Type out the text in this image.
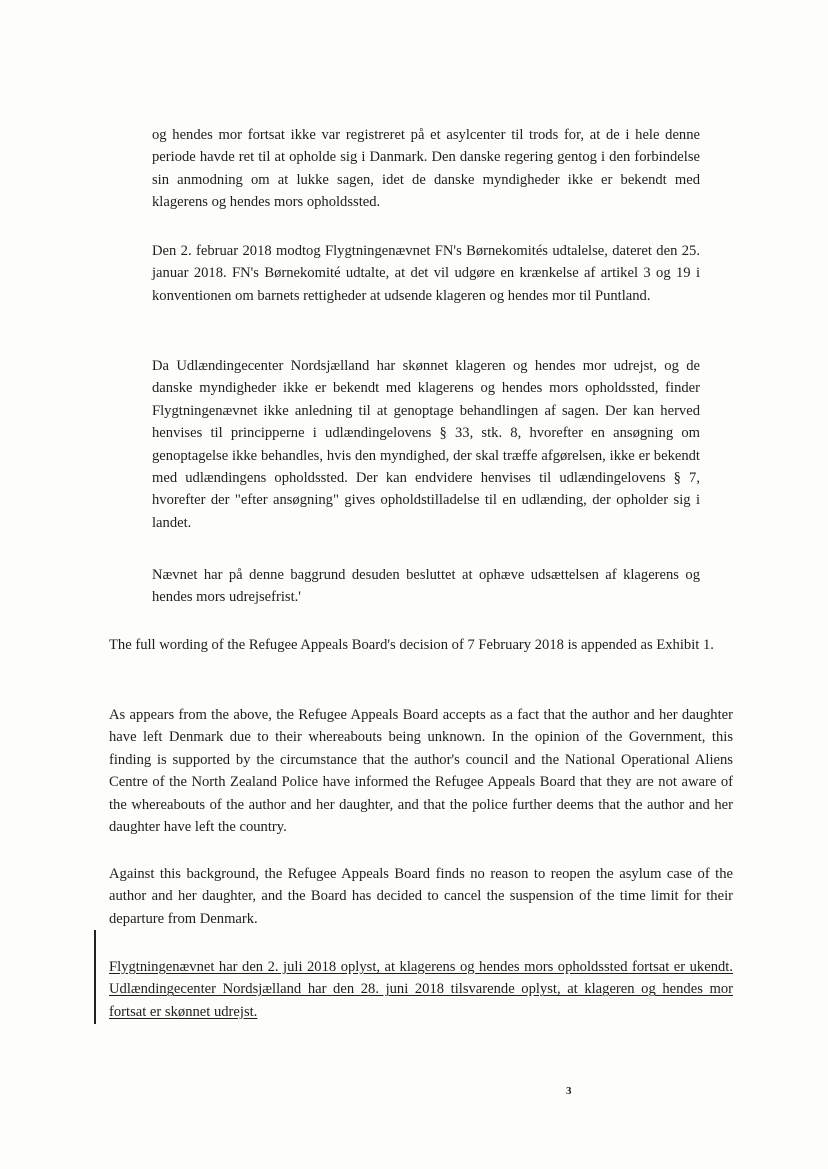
og hendes mor fortsat ikke var registreret på et asylcenter til trods for, at de i hele denne periode havde ret til at opholde sig i Danmark. Den danske regering gentog i den forbindelse sin anmodning om at lukke sagen, idet de danske myndigheder ikke er bekendt med klagerens og hendes mors opholdssted.

Den 2. februar 2018 modtog Flygtningenævnet FN's Børnekomités udtalelse, dateret den 25. januar 2018. FN's Børnekomité udtalte, at det vil udgøre en krænkelse af artikel 3 og 19 i konventionen om barnets rettigheder at udsende klageren og hendes mor til Puntland.

Da Udlændingecenter Nordsjælland har skønnet klageren og hendes mor udrejst, og de danske myndigheder ikke er bekendt med klagerens og hendes mors opholdssted, finder Flygtningenævnet ikke anledning til at genoptage behandlingen af sagen. Der kan herved henvises til principperne i udlændingelovens § 33, stk. 8, hvorefter en ansøgning om genoptagelse ikke behandles, hvis den myndighed, der skal træffe afgørelsen, ikke er bekendt med udlændingens opholdssted. Der kan endvidere henvises til udlændingelovens § 7, hvorefter der "efter ansøgning" gives opholdstilladelse til en udlænding, der opholder sig i landet.

Nævnet har på denne baggrund desuden besluttet at ophæve udsættelsen af klagerens og hendes mors udrejsefrist.'

The full wording of the Refugee Appeals Board's decision of 7 February 2018 is appended as Exhibit 1.

As appears from the above, the Refugee Appeals Board accepts as a fact that the author and her daughter have left Denmark due to their whereabouts being unknown. In the opinion of the Government, this finding is supported by the circumstance that the author's council and the National Operational Aliens Centre of the North Zealand Police have informed the Refugee Appeals Board that they are not aware of the whereabouts of the author and her daughter, and that the police further deems that the author and her daughter have left the country.

Against this background, the Refugee Appeals Board finds no reason to reopen the asylum case of the author and her daughter, and the Board has decided to cancel the suspension of the time limit for their departure from Denmark.

Flygtningenævnet har den 2. juli 2018 oplyst, at klagerens og hendes mors opholdssted fortsat er ukendt. Udlændingecenter Nordsjælland har den 28. juni 2018 tilsvarende oplyst, at klageren og hendes mor fortsat er skønnet udrejst.

3
